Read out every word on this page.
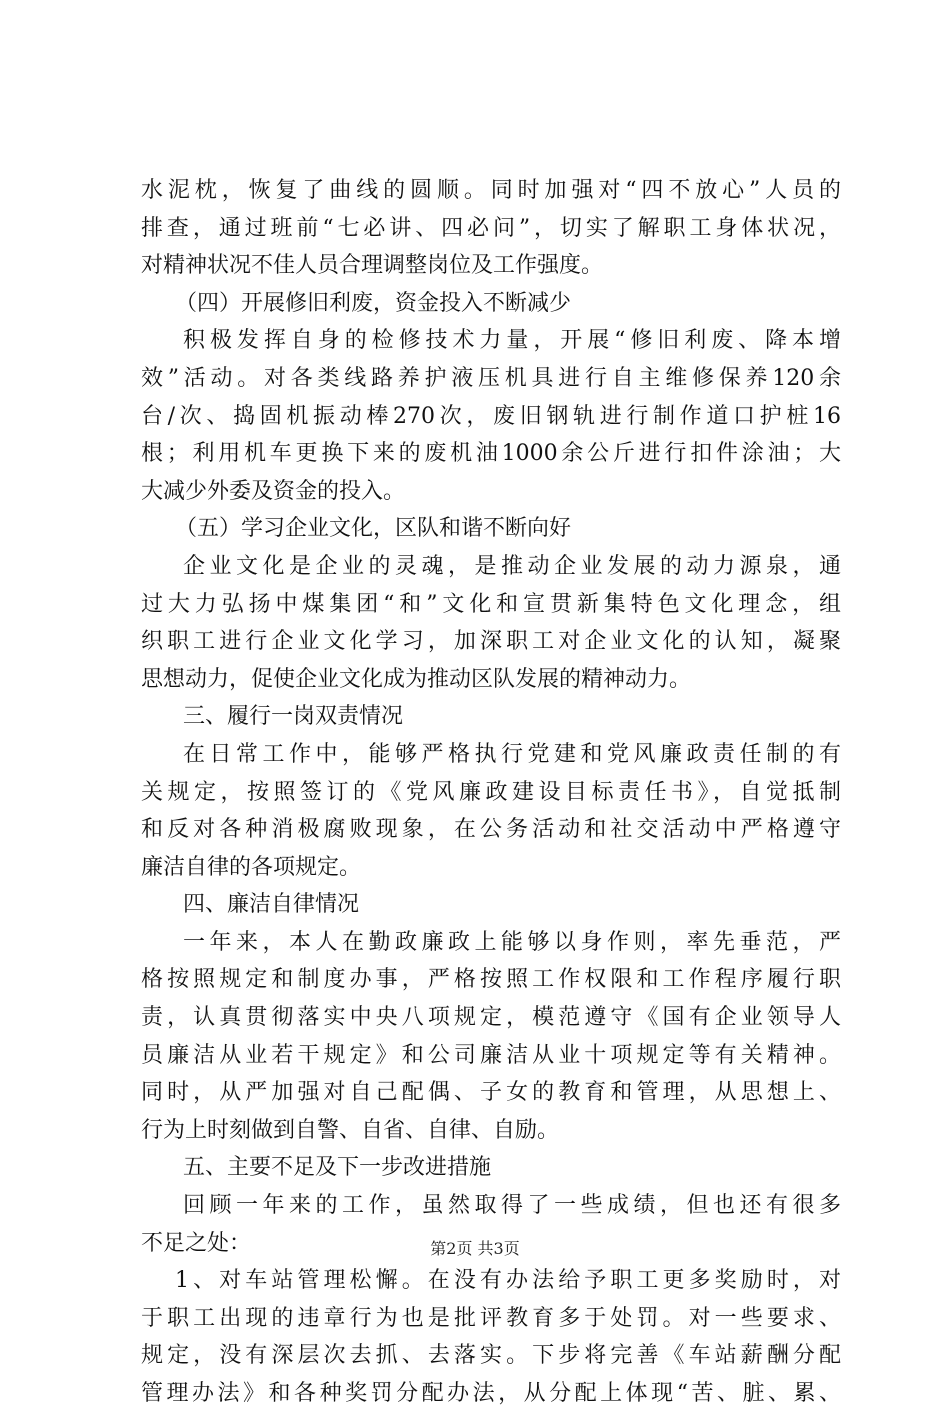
水泥枕，恢复了曲线的圆顺。同时加强对“四不放心”人员的
排查，通过班前“七必讲、四必问”，切实了解职工身体状况，
对精神状况不佳人员合理调整岗位及工作强度。
（四）开展修旧利废，资金投入不断减少
积极发挥自身的检修技术力量，开展“修旧利废、降本增
效”活动。对各类线路养护液压机具进行自主维修保养120余
台/次、捣固机振动棒270次，废旧钢轨进行制作道口护桩16
根；利用机车更换下来的废机油1000余公斤进行扣件涂油；大
大减少外委及资金的投入。
（五）学习企业文化，区队和谐不断向好
企业文化是企业的灵魂，是推动企业发展的动力源泉，通
过大力弘扬中煤集团“和”文化和宣贯新集特色文化理念，组
织职工进行企业文化学习，加深职工对企业文化的认知，凝聚
思想动力，促使企业文化成为推动区队发展的精神动力。
三、履行一岗双责情况
在日常工作中，能够严格执行党建和党风廉政责任制的有
关规定，按照签订的《党风廉政建设目标责任书》，自觉抵制
和反对各种消极腐败现象，在公务活动和社交活动中严格遵守
廉洁自律的各项规定。
四、廉洁自律情况
一年来，本人在勤政廉政上能够以身作则，率先垂范，严
格按照规定和制度办事，严格按照工作权限和工作程序履行职
责，认真贯彻落实中央八项规定，模范遵守《国有企业领导人
员廉洁从业若干规定》和公司廉洁从业十项规定等有关精神。
同时，从严加强对自己配偶、子女的教育和管理，从思想上、
行为上时刻做到自警、自省、自律、自励。
五、主要不足及下一步改进措施
回顾一年来的工作，虽然取得了一些成绩，但也还有很多
不足之处：
1、对车站管理松懈。在没有办法给予职工更多奖励时，对
于职工出现的违章行为也是批评教育多于处罚。对一些要求、
规定，没有深层次去抓、去落实。下步将完善《车站薪酬分配
管理办法》和各种奖罚分配办法，从分配上体现“苦、脏、累、
第2页 共3页
